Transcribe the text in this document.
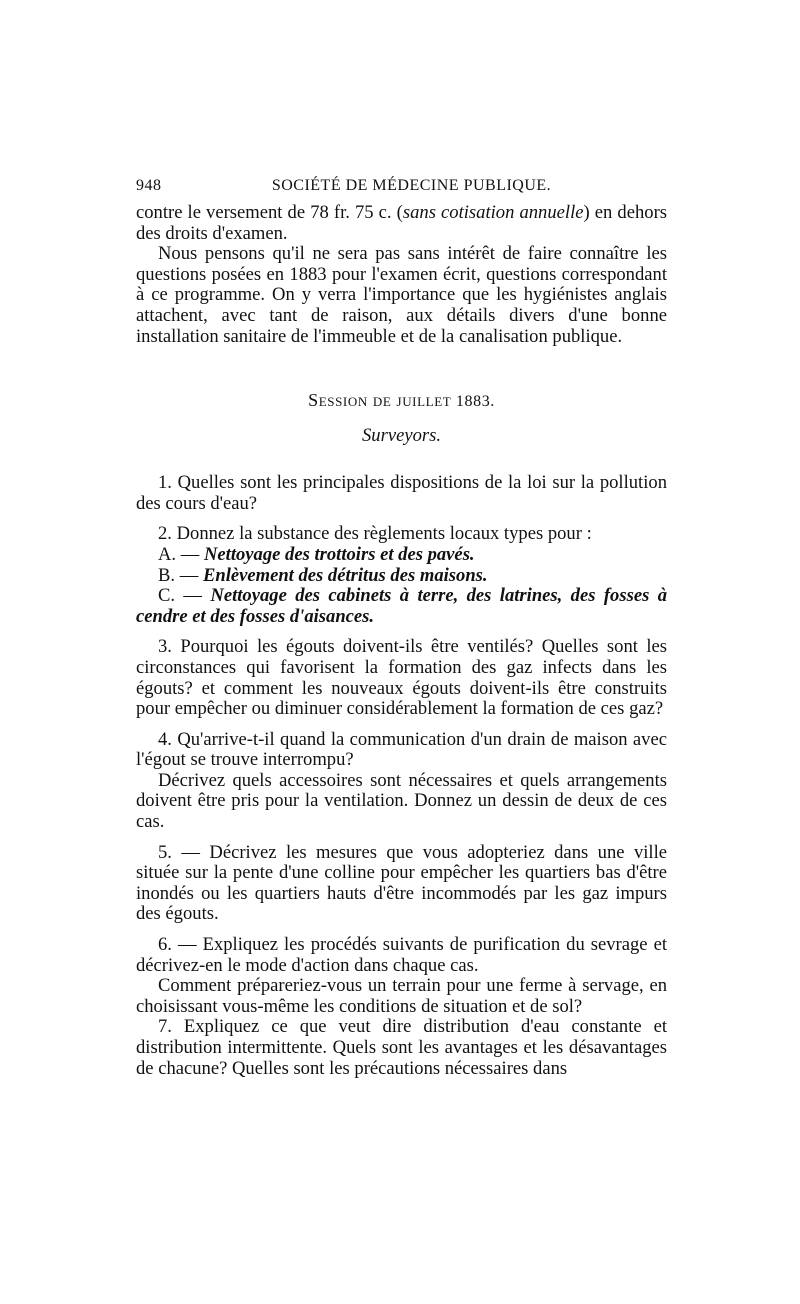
948	SOCIÉTÉ DE MÉDECINE PUBLIQUE.

contre le versement de 78 fr. 75 c. (sans cotisation annuelle) en dehors des droits d'examen.

Nous pensons qu'il ne sera pas sans intérêt de faire connaître les questions posées en 1883 pour l'examen écrit, questions correspondant à ce programme. On y verra l'importance que les hygiénistes anglais attachent, avec tant de raison, aux détails divers d'une bonne installation sanitaire de l'immeuble et de la canalisation publique.

Session de juillet 1883.
Surveyors.

1. Quelles sont les principales dispositions de la loi sur la pollution des cours d'eau?

2. Donnez la substance des règlements locaux types pour :

A. — Nettoyage des trottoirs et des pavés.

B. — Enlèvement des détritus des maisons.

C. — Nettoyage des cabinets à terre, des latrines, des fosses à cendre et des fosses d'aisances.

3. Pourquoi les égouts doivent-ils être ventilés? Quelles sont les circonstances qui favorisent la formation des gaz infects dans les égouts? et comment les nouveaux égouts doivent-ils être construits pour empêcher ou diminuer considérablement la formation de ces gaz?

4. Qu'arrive-t-il quand la communication d'un drain de maison avec l'égout se trouve interrompu?

Décrivez quels accessoires sont nécessaires et quels arrangements doivent être pris pour la ventilation. Donnez un dessin de deux de ces cas.

5. — Décrivez les mesures que vous adopteriez dans une ville située sur la pente d'une colline pour empêcher les quartiers bas d'être inondés ou les quartiers hauts d'être incommodés par les gaz impurs des égouts.

6. — Expliquez les procédés suivants de purification du sevrage et décrivez-en le mode d'action dans chaque cas.

Comment prépareriez-vous un terrain pour une ferme à servage, en choisissant vous-même les conditions de situation et de sol?

7. Expliquez ce que veut dire distribution d'eau constante et distribution intermittente. Quels sont les avantages et les désavantages de chacune? Quelles sont les précautions nécessaires dans
